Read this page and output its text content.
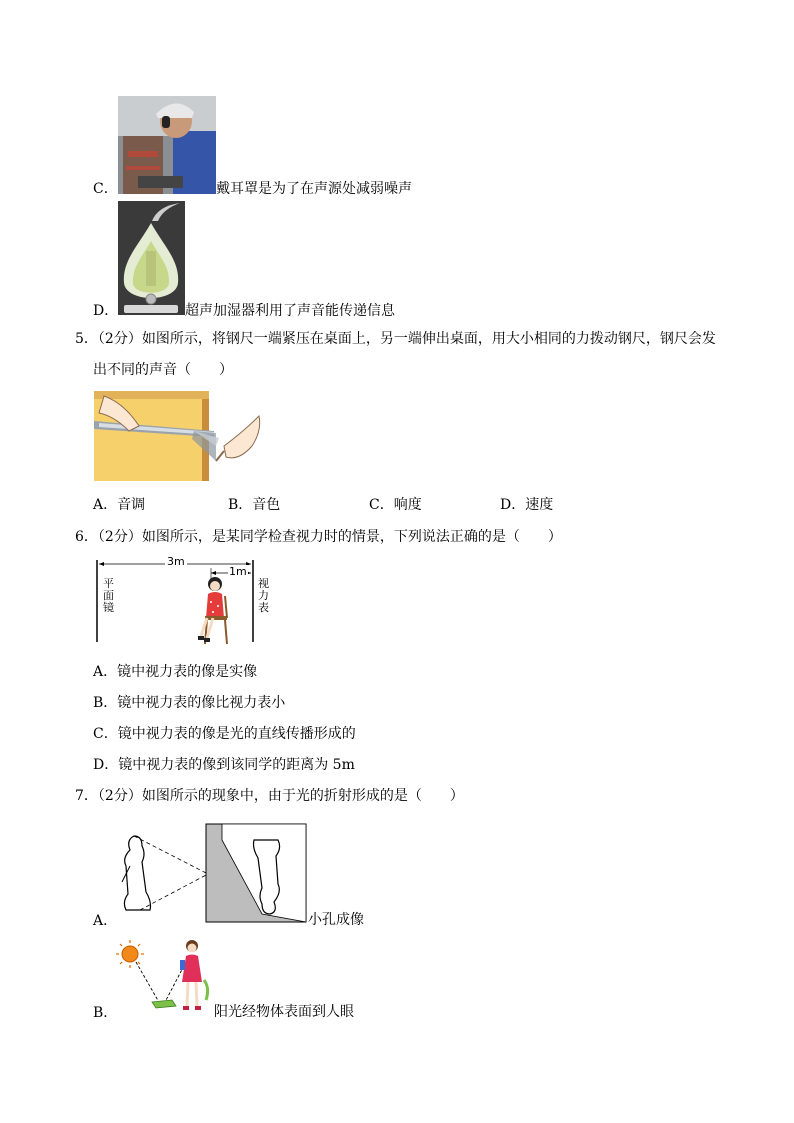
C．	戴耳罩是为了在声源处减弱噪声
D．	超声加湿器利用了声音能传递信息
5．（2分）如图所示，将钢尺一端紧压在桌面上，另一端伸出桌面，用大小相同的力拨动钢尺，钢尺会发
出不同的声音（　　）
A．音调	B．音色	C．响度	D．速度
6．（2分）如图所示，是某同学检查视力时的情景，下列说法正确的是（　　）
3m
1m
平
面
镜
视
力
表
A．镜中视力表的像是实像
B．镜中视力表的像比视力表小
C．镜中视力表的像是光的直线传播形成的
D．镜中视力表的像到该同学的距离为 5m
7．（2分）如图所示的现象中，由于光的折射形成的是（　　）
A．	小孔成像
B．	阳光经物体表面到人眼
